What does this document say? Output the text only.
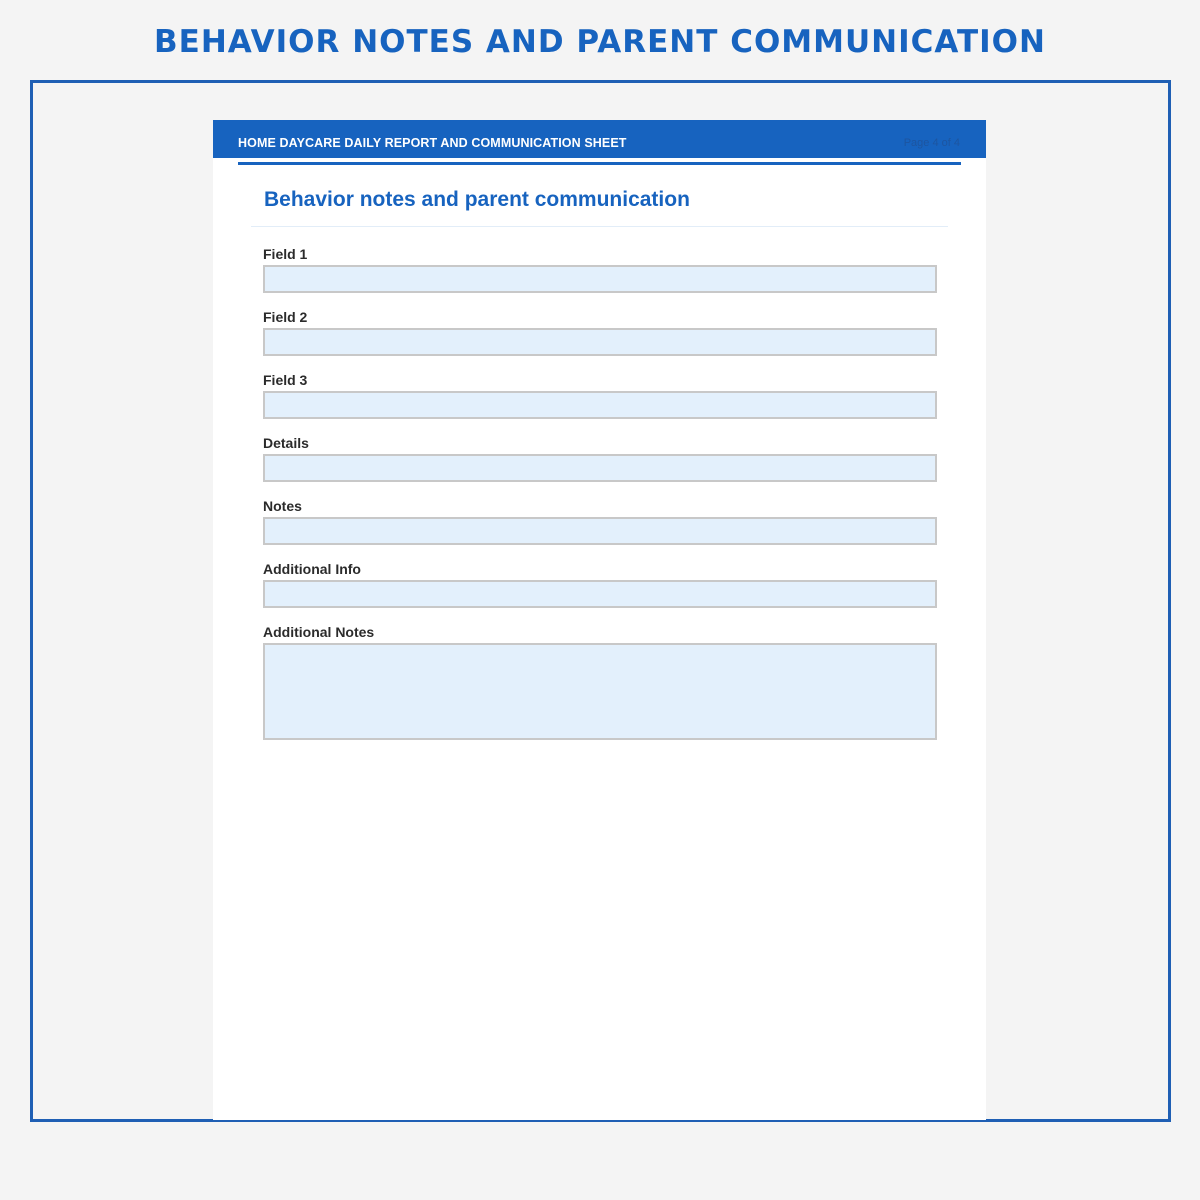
BEHAVIOR NOTES AND PARENT COMMUNICATION
HOME DAYCARE DAILY REPORT AND COMMUNICATION SHEET	Page 4 of 4
Behavior notes and parent communication
Field 1
Field 2
Field 3
Details
Notes
Additional Info
Additional Notes
